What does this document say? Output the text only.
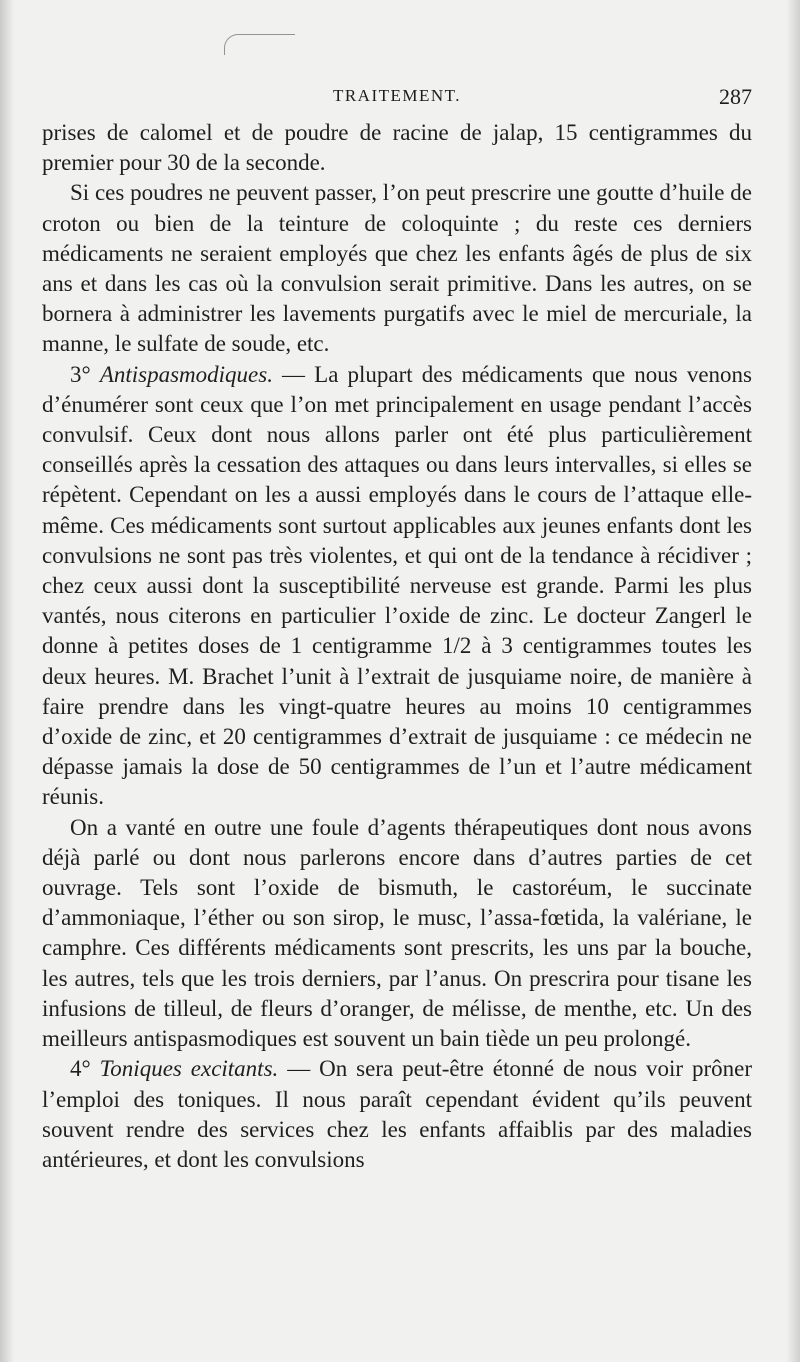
TRAITEMENT.	287

prises de calomel et de poudre de racine de jalap, 15 centigrammes du premier pour 30 de la seconde.

Si ces poudres ne peuvent passer, l’on peut prescrire une goutte d’huile de croton ou bien de la teinture de coloquinte ; du reste ces derniers médicaments ne seraient employés que chez les enfants âgés de plus de six ans et dans les cas où la convulsion serait primitive. Dans les autres, on se bornera à administrer les lavements purgatifs avec le miel de mercuriale, la manne, le sulfate de soude, etc.

3° Antispasmodiques. — La plupart des médicaments que nous venons d’énumérer sont ceux que l’on met principalement en usage pendant l’accès convulsif. Ceux dont nous allons parler ont été plus particulièrement conseillés après la cessation des attaques ou dans leurs intervalles, si elles se répètent. Cependant on les a aussi employés dans le cours de l’attaque elle-même. Ces médicaments sont surtout applicables aux jeunes enfants dont les convulsions ne sont pas très violentes, et qui ont de la tendance à récidiver ; chez ceux aussi dont la susceptibilité nerveuse est grande. Parmi les plus vantés, nous citerons en particulier l’oxide de zinc. Le docteur Zangerl le donne à petites doses de 1 centigramme 1/2 à 3 centigrammes toutes les deux heures. M. Brachet l’unit à l’extrait de jusquiame noire, de manière à faire prendre dans les vingt-quatre heures au moins 10 centigrammes d’oxide de zinc, et 20 centigrammes d’extrait de jusquiame : ce médecin ne dépasse jamais la dose de 50 centigrammes de l’un et l’autre médicament réunis.

On a vanté en outre une foule d’agents thérapeutiques dont nous avons déjà parlé ou dont nous parlerons encore dans d’autres parties de cet ouvrage. Tels sont l’oxide de bismuth, le castoréum, le succinate d’ammoniaque, l’éther ou son sirop, le musc, l’assa-fœtida, la valériane, le camphre. Ces différents médicaments sont prescrits, les uns par la bouche, les autres, tels que les trois derniers, par l’anus. On prescrira pour tisane les infusions de tilleul, de fleurs d’oranger, de mélisse, de menthe, etc. Un des meilleurs antispasmodiques est souvent un bain tiède un peu prolongé.

4° Toniques excitants. — On sera peut-être étonné de nous voir prôner l’emploi des toniques. Il nous paraît cependant évident qu’ils peuvent souvent rendre des services chez les enfants affaiblis par des maladies antérieures, et dont les convulsions
